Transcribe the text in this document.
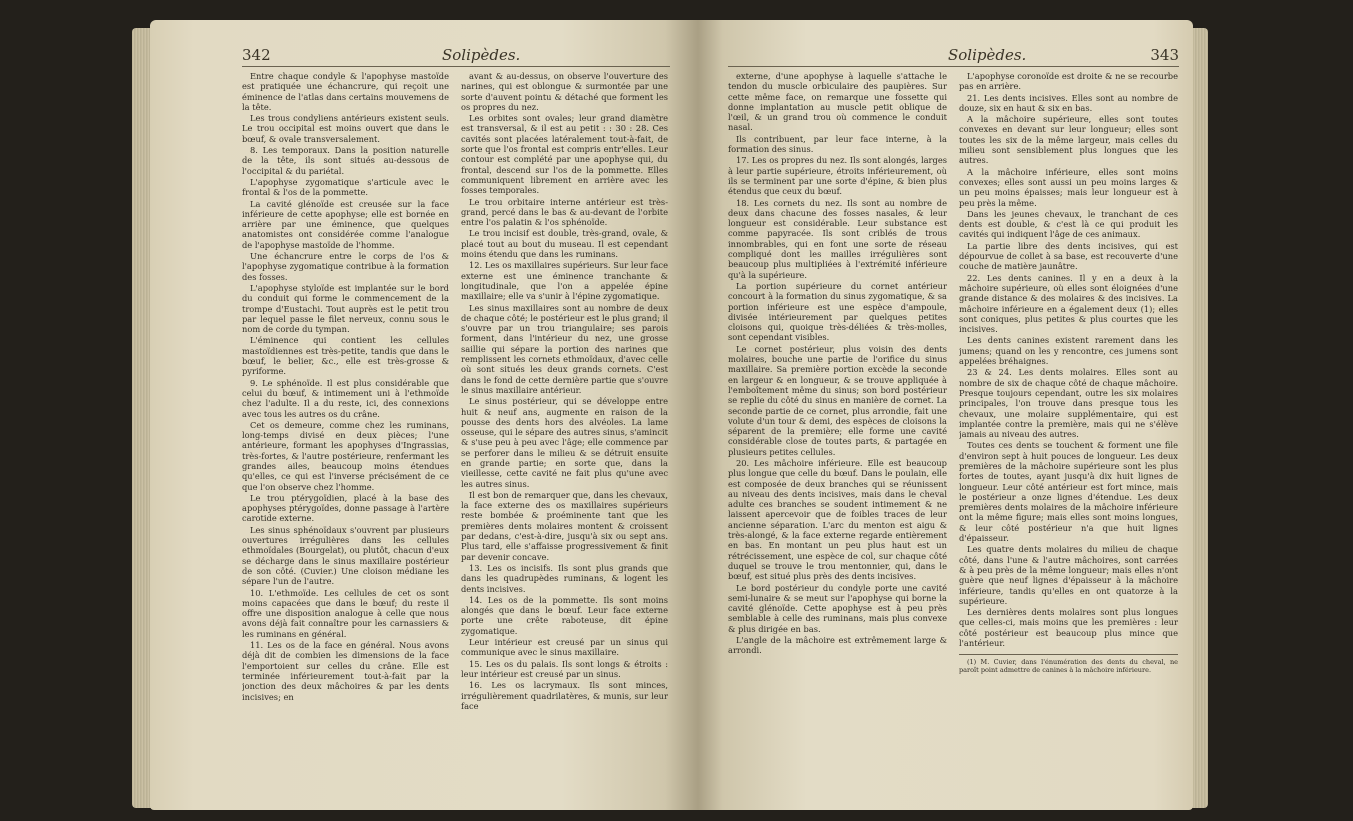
342	Solipèdes.

Entre chaque condyle & l'apophyse mastoïde est pratiquée une échancrure, qui reçoit une éminence de l'atlas dans certains mouvemens de la tête.

Les trous condyliens antérieurs existent seuls. Le trou occipital est moins ouvert que dans le bœuf, & ovale transversalement.

8. Les temporaux. Dans la position naturelle de la tête, ils sont situés au-dessous de l'occipital & du pariétal.

L'apophyse zygomatique s'articule avec le frontal & l'os de la pommette.

La cavité glénoïde est creusée sur la face inférieure de cette apophyse; elle est bornée en arrière par une éminence, que quelques anatomistes ont considérée comme l'analogue de l'apophyse mastoïde de l'homme.

Une échancrure entre le corps de l'os & l'apophyse zygomatique contribue à la formation des fosses.

L'apophyse styloïde est implantée sur le bord du conduit qui forme le commencement de la trompe d'Eustachi. Tout auprès est le petit trou par lequel passe le filet nerveux, connu sous le nom de corde du tympan.

L'éminence qui contient les cellules mastoïdiennes est très-petite, tandis que dans le bœuf, le belier, &c., elle est très-grosse & pyriforme.

9. Le sphénoïde. Il est plus considérable que celui du bœuf, & intimement uni à l'ethmoïde chez l'adulte. Il a du reste, ici, des connexions avec tous les autres os du crâne.

Cet os demeure, comme chez les ruminans, long-temps divisé en deux pièces; l'une antérieure, formant les apophyses d'Ingrassias, très-fortes, & l'autre postérieure, renfermant les grandes ailes, beaucoup moins étendues qu'elles, ce qui est l'inverse précisément de ce que l'on observe chez l'homme.

Le trou ptérygoïdien, placé à la base des apophyses ptérygoïdes, donne passage à l'artère carotide externe.

Les sinus sphénoïdaux s'ouvrent par plusieurs ouvertures irrégulières dans les cellules ethmoïdales (Bourgelat), ou plutôt, chacun d'eux se décharge dans le sinus maxillaire postérieur de son côté. (Cuvier.) Une cloison médiane les sépare l'un de l'autre.

10. L'ethmoïde. Les cellules de cet os sont moins capacées que dans le bœuf; du reste il offre une disposition analogue à celle que nous avons déjà fait connaître pour les carnassiers & les ruminans en général.

11. Les os de la face en général. Nous avons déjà dit de combien les dimensions de la face l'emportoient sur celles du crâne. Elle est terminée inférieurement tout-à-fait par la jonction des deux mâchoires & par les dents incisives; en

avant & au-dessus, on observe l'ouverture des narines, qui est oblongue & surmontée par une sorte d'auvent pointu & détaché que forment les os propres du nez.

Les orbites sont ovales; leur grand diamètre est transversal, & il est au petit : : 30 : 28. Ces cavités sont placées latéralement tout-à-fait, de sorte que l'os frontal est compris entr'elles. Leur contour est complété par une apophyse qui, du frontal, descend sur l'os de la pommette. Elles communiquent librement en arrière avec les fosses temporales.

Le trou orbitaire interne antérieur est très-grand, percé dans le bas & au-devant de l'orbite entre l'os palatin & l'os sphénoïde.

Le trou incisif est double, très-grand, ovale, & placé tout au bout du museau. Il est cependant moins étendu que dans les ruminans.

12. Les os maxillaires supérieurs. Sur leur face externe est une éminence tranchante & longitudinale, que l'on a appelée épine maxillaire; elle va s'unir à l'épine zygomatique.

Les sinus maxillaires sont au nombre de deux de chaque côté; le postérieur est le plus grand; il s'ouvre par un trou triangulaire; ses parois forment, dans l'intérieur du nez, une grosse saillie qui sépare la portion des narines que remplissent les cornets ethmoïdaux, d'avec celle où sont situés les deux grands cornets. C'est dans le fond de cette dernière partie que s'ouvre le sinus maxillaire antérieur.

Le sinus postérieur, qui se développe entre huit & neuf ans, augmente en raison de la pousse des dents hors des alvéoles. La lame osseuse, qui le sépare des autres sinus, s'amincit & s'use peu à peu avec l'âge; elle commence par se perforer dans le milieu & se détruit ensuite en grande partie; en sorte que, dans la vieillesse, cette cavité ne fait plus qu'une avec les autres sinus.

Il est bon de remarquer que, dans les chevaux, la face externe des os maxillaires supérieurs reste bombée & proéminente tant que les premières dents molaires montent & croissent par dedans, c'est-à-dire, jusqu'à six ou sept ans. Plus tard, elle s'affaisse progressivement & finit par devenir concave.

13. Les os incisifs. Ils sont plus grands que dans les quadrupèdes ruminans, & logent les dents incisives.

14. Les os de la pommette. Ils sont moins alongés que dans le bœuf. Leur face externe porte une crête raboteuse, dit épine zygomatique.

Leur intérieur est creusé par un sinus qui communique avec le sinus maxillaire.

15. Les os du palais. Ils sont longs & étroits : leur intérieur est creusé par un sinus.

16. Les os lacrymaux. Ils sont minces, irrégulièrement quadrilatères, & munis, sur leur face

Solipèdes.	343

externe, d'une apophyse à laquelle s'attache le tendon du muscle orbiculaire des paupières. Sur cette même face, on remarque une fossette qui donne implantation au muscle petit oblique de l'œil, & un grand trou où commence le conduit nasal.

Ils contribuent, par leur face interne, à la formation des sinus.

17. Les os propres du nez. Ils sont alongés, larges à leur partie supérieure, étroits inférieurement, où ils se terminent par une sorte d'épine, & bien plus étendus que ceux du bœuf.

18. Les cornets du nez. Ils sont au nombre de deux dans chacune des fosses nasales, & leur longueur est considérable. Leur substance est comme papyracée. Ils sont criblés de trous innombrables, qui en font une sorte de réseau compliqué dont les mailles irrégulières sont beaucoup plus multipliées à l'extrémité inférieure qu'à la supérieure.

La portion supérieure du cornet antérieur concourt à la formation du sinus zygomatique, & sa portion inférieure est une espèce d'ampoule, divisée intérieurement par quelques petites cloisons qui, quoique très-déliées & très-molles, sont cependant visibles.

Le cornet postérieur, plus voisin des dents molaires, bouche une partie de l'orifice du sinus maxillaire. Sa première portion excède la seconde en largeur & en longueur, & se trouve appliquée à l'emboîtement même du sinus; son bord postérieur se replie du côté du sinus en manière de cornet. La seconde partie de ce cornet, plus arrondie, fait une volute d'un tour & demi, des espèces de cloisons la séparent de la première; elle forme une cavité considérable close de toutes parts, & partagée en plusieurs petites cellules.

20. Les mâchoire inférieure. Elle est beaucoup plus longue que celle du bœuf. Dans le poulain, elle est composée de deux branches qui se réunissent au niveau des dents incisives, mais dans le cheval adulte ces branches se soudent intimement & ne laissent apercevoir que de foibles traces de leur ancienne séparation. L'arc du menton est aigu & très-alongé, & la face externe regarde entièrement en bas. En montant un peu plus haut est un rétrécissement, une espèce de col, sur chaque côté duquel se trouve le trou mentonnier, qui, dans le bœuf, est situé plus près des dents incisives.

Le bord postérieur du condyle porte une cavité semi-lunaire & se meut sur l'apophyse qui borne la cavité glénoïde. Cette apophyse est à peu près semblable à celle des ruminans, mais plus convexe & plus dirigée en bas.

L'angle de la mâchoire est extrêmement large & arrondi.

L'apophyse coronoïde est droite & ne se recourbe pas en arrière.

21. Les dents incisives. Elles sont au nombre de douze, six en haut & six en bas.

A la mâchoire supérieure, elles sont toutes convexes en devant sur leur longueur; elles sont toutes les six de la même largeur, mais celles du milieu sont sensiblement plus longues que les autres.

A la mâchoire inférieure, elles sont moins convexes; elles sont aussi un peu moins larges & un peu moins épaisses; mais leur longueur est à peu près la même.

Dans les jeunes chevaux, le tranchant de ces dents est double, & c'est là ce qui produit les cavités qui indiquent l'âge de ces animaux.

La partie libre des dents incisives, qui est dépourvue de collet à sa base, est recouverte d'une couche de matière jaunâtre.

22. Les dents canines. Il y en a deux à la mâchoire supérieure, où elles sont éloignées d'une grande distance & des molaires & des incisives. La mâchoire inférieure en a également deux (1); elles sont coniques, plus petites & plus courtes que les incisives.

Les dents canines existent rarement dans les jumens; quand on les y rencontre, ces jumens sont appelées bréhaignes.

23 & 24. Les dents molaires. Elles sont au nombre de six de chaque côté de chaque mâchoire. Presque toujours cependant, outre les six molaires principales, l'on trouve dans presque tous les chevaux, une molaire supplémentaire, qui est implantée contre la première, mais qui ne s'élève jamais au niveau des autres.

Toutes ces dents se touchent & forment une file d'environ sept à huit pouces de longueur. Les deux premières de la mâchoire supérieure sont les plus fortes de toutes, ayant jusqu'à dix huit lignes de longueur. Leur côté antérieur est fort mince, mais le postérieur a onze lignes d'étendue. Les deux premières dents molaires de la mâchoire inférieure ont la même figure; mais elles sont moins longues, & leur côté postérieur n'a que huit lignes d'épaisseur.

Les quatre dents molaires du milieu de chaque côté, dans l'une & l'autre mâchoires, sont carrées & à peu près de la même longueur; mais elles n'ont guère que neuf lignes d'épaisseur à la mâchoire inférieure, tandis qu'elles en ont quatorze à la supérieure.

Les dernières dents molaires sont plus longues que celles-ci, mais moins que les premières : leur côté postérieur est beaucoup plus mince que l'antérieur.

(1) M. Cuvier, dans l'énumération des dents du cheval, ne paroît point admettre de canines à la mâchoire inférieure.
